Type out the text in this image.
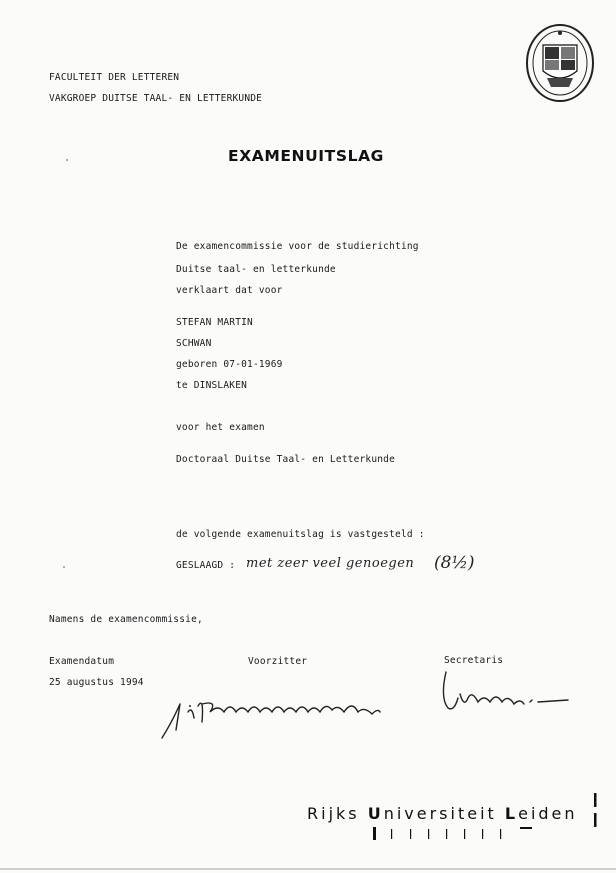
FACULTEIT DER LETTEREN
VAKGROEP DUITSE TAAL- EN LETTERKUNDE
EXAMENUITSLAG
De examencommissie voor de studierichting
Duitse taal- en letterkunde
verklaart dat voor
STEFAN MARTIN
SCHWAN
geboren 07-01-1969
te DINSLAKEN
voor het examen
Doctoraal Duitse Taal- en Letterkunde
de volgende examenuitslag is vastgesteld :
GESLAAGD : met zeer veel genoegen (8½)
Namens de examencommissie,
Examendatum	Voorzitter	Secretaris
25 augustus 1994
Rijks Universiteit Leiden
